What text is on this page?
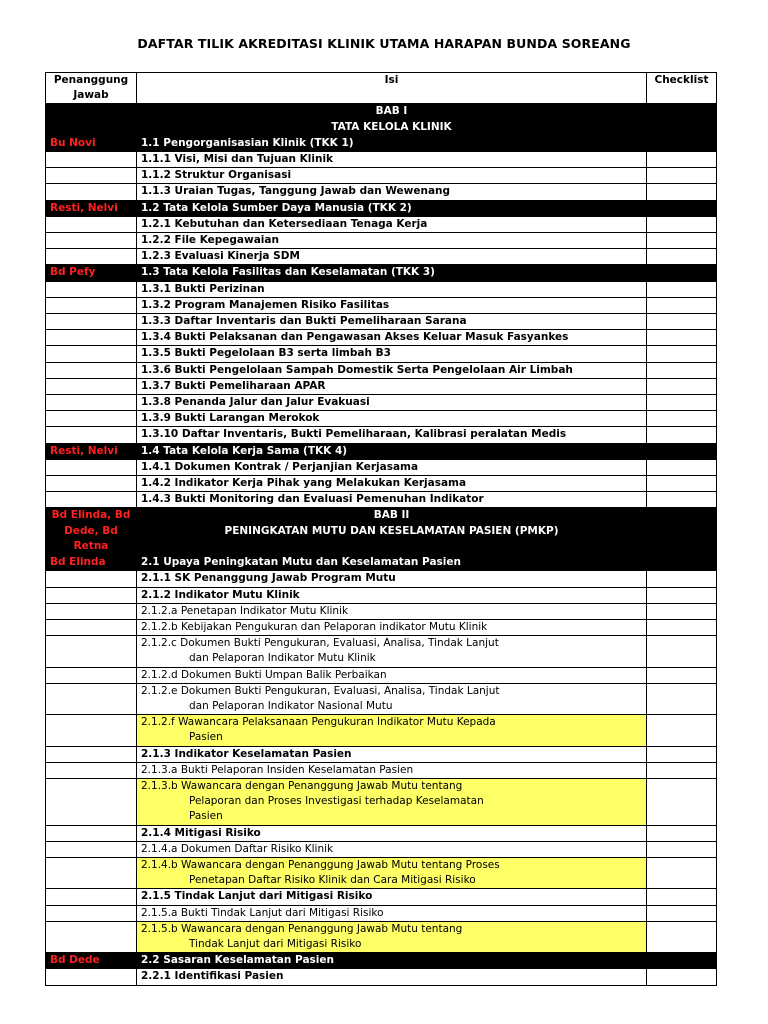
DAFTAR TILIK AKREDITASI KLINIK UTAMA HARAPAN BUNDA SOREANG
Penanggung Jawab	Isi	Checklist

	BAB I
TATA KELOLA KLINIK	

Bu Novi	1.1 Pengorganisasian Klinik (TKK 1)	
	1.1.1 Visi, Misi dan Tujuan Klinik	
	1.1.2 Struktur Organisasi	
	1.1.3 Uraian Tugas, Tanggung Jawab dan Wewenang	
Resti, Nelvi	1.2 Tata Kelola Sumber Daya Manusia (TKK 2)	
	1.2.1 Kebutuhan dan Ketersediaan Tenaga Kerja	
	1.2.2 File Kepegawaian	
	1.2.3 Evaluasi Kinerja SDM	
Bd Pefy	1.3 Tata Kelola Fasilitas dan Keselamatan (TKK 3)	
	1.3.1 Bukti Perizinan	
	1.3.2 Program Manajemen Risiko Fasilitas	
	1.3.3 Daftar Inventaris dan Bukti Pemeliharaan Sarana	
	1.3.4 Bukti Pelaksanan dan Pengawasan Akses Keluar Masuk Fasyankes	
	1.3.5 Bukti Pegelolaan B3 serta limbah B3	
	1.3.6 Bukti Pengelolaan Sampah Domestik Serta Pengelolaan Air Limbah	
	1.3.7 Bukti Pemeliharaan APAR	
	1.3.8 Penanda Jalur dan Jalur Evakuasi	
	1.3.9 Bukti Larangan Merokok	
	1.3.10 Daftar Inventaris, Bukti Pemeliharaan, Kalibrasi peralatan Medis	
Resti, Nelvi	1.4 Tata Kelola Kerja Sama (TKK 4)	
	1.4.1 Dokumen Kontrak / Perjanjian Kerjasama	
	1.4.2 Indikator Kerja Pihak yang Melakukan Kerjasama	
	1.4.3 Bukti Monitoring dan Evaluasi Pemenuhan Indikator	
Bd Elinda, Bd Dede, Bd Retna	BAB II
PENINGKATAN MUTU DAN KESELAMATAN PASIEN (PMKP)	

Bd Elinda	2.1 Upaya Peningkatan Mutu dan Keselamatan Pasien	
	2.1.1 SK Penanggung Jawab Program Mutu	
	2.1.2 Indikator Mutu Klinik	

	2.1.2.a Penetapan Indikator Mutu Klinik	

	2.1.2.b Kebijakan Pengukuran dan Pelaporan indikator Mutu Klinik	

	2.1.2.c Dokumen Bukti Pengukuran, Evaluasi, Analisa, Tindak Lanjut
dan Pelaporan Indikator Mutu Klinik	

	2.1.2.d Dokumen Bukti Umpan Balik Perbaikan	

	2.1.2.e Dokumen Bukti Pengukuran, Evaluasi, Analisa, Tindak Lanjut
dan Pelaporan Indikator Nasional Mutu	

	2.1.2.f Wawancara Pelaksanaan Pengukuran Indikator Mutu Kepada
Pasien	

	2.1.3 Indikator Keselamatan Pasien	

	2.1.3.a Bukti Pelaporan Insiden Keselamatan Pasien	

	2.1.3.b Wawancara dengan Penanggung Jawab Mutu tentang
Pelaporan dan Proses Investigasi terhadap Keselamatan
Pasien	

	2.1.4 Mitigasi Risiko	

	2.1.4.a Dokumen Daftar Risiko Klinik	

	2.1.4.b Wawancara dengan Penanggung Jawab Mutu tentang Proses
Penetapan Daftar Risiko Klinik dan Cara Mitigasi Risiko	

	2.1.5 Tindak Lanjut dari Mitigasi Risiko	

	2.1.5.a Bukti Tindak Lanjut dari Mitigasi Risiko	

	2.1.5.b Wawancara dengan Penanggung Jawab Mutu tentang
Tindak Lanjut dari Mitigasi Risiko	

Bd Dede	2.2 Sasaran Keselamatan Pasien	
	2.2.1 Identifikasi Pasien	
